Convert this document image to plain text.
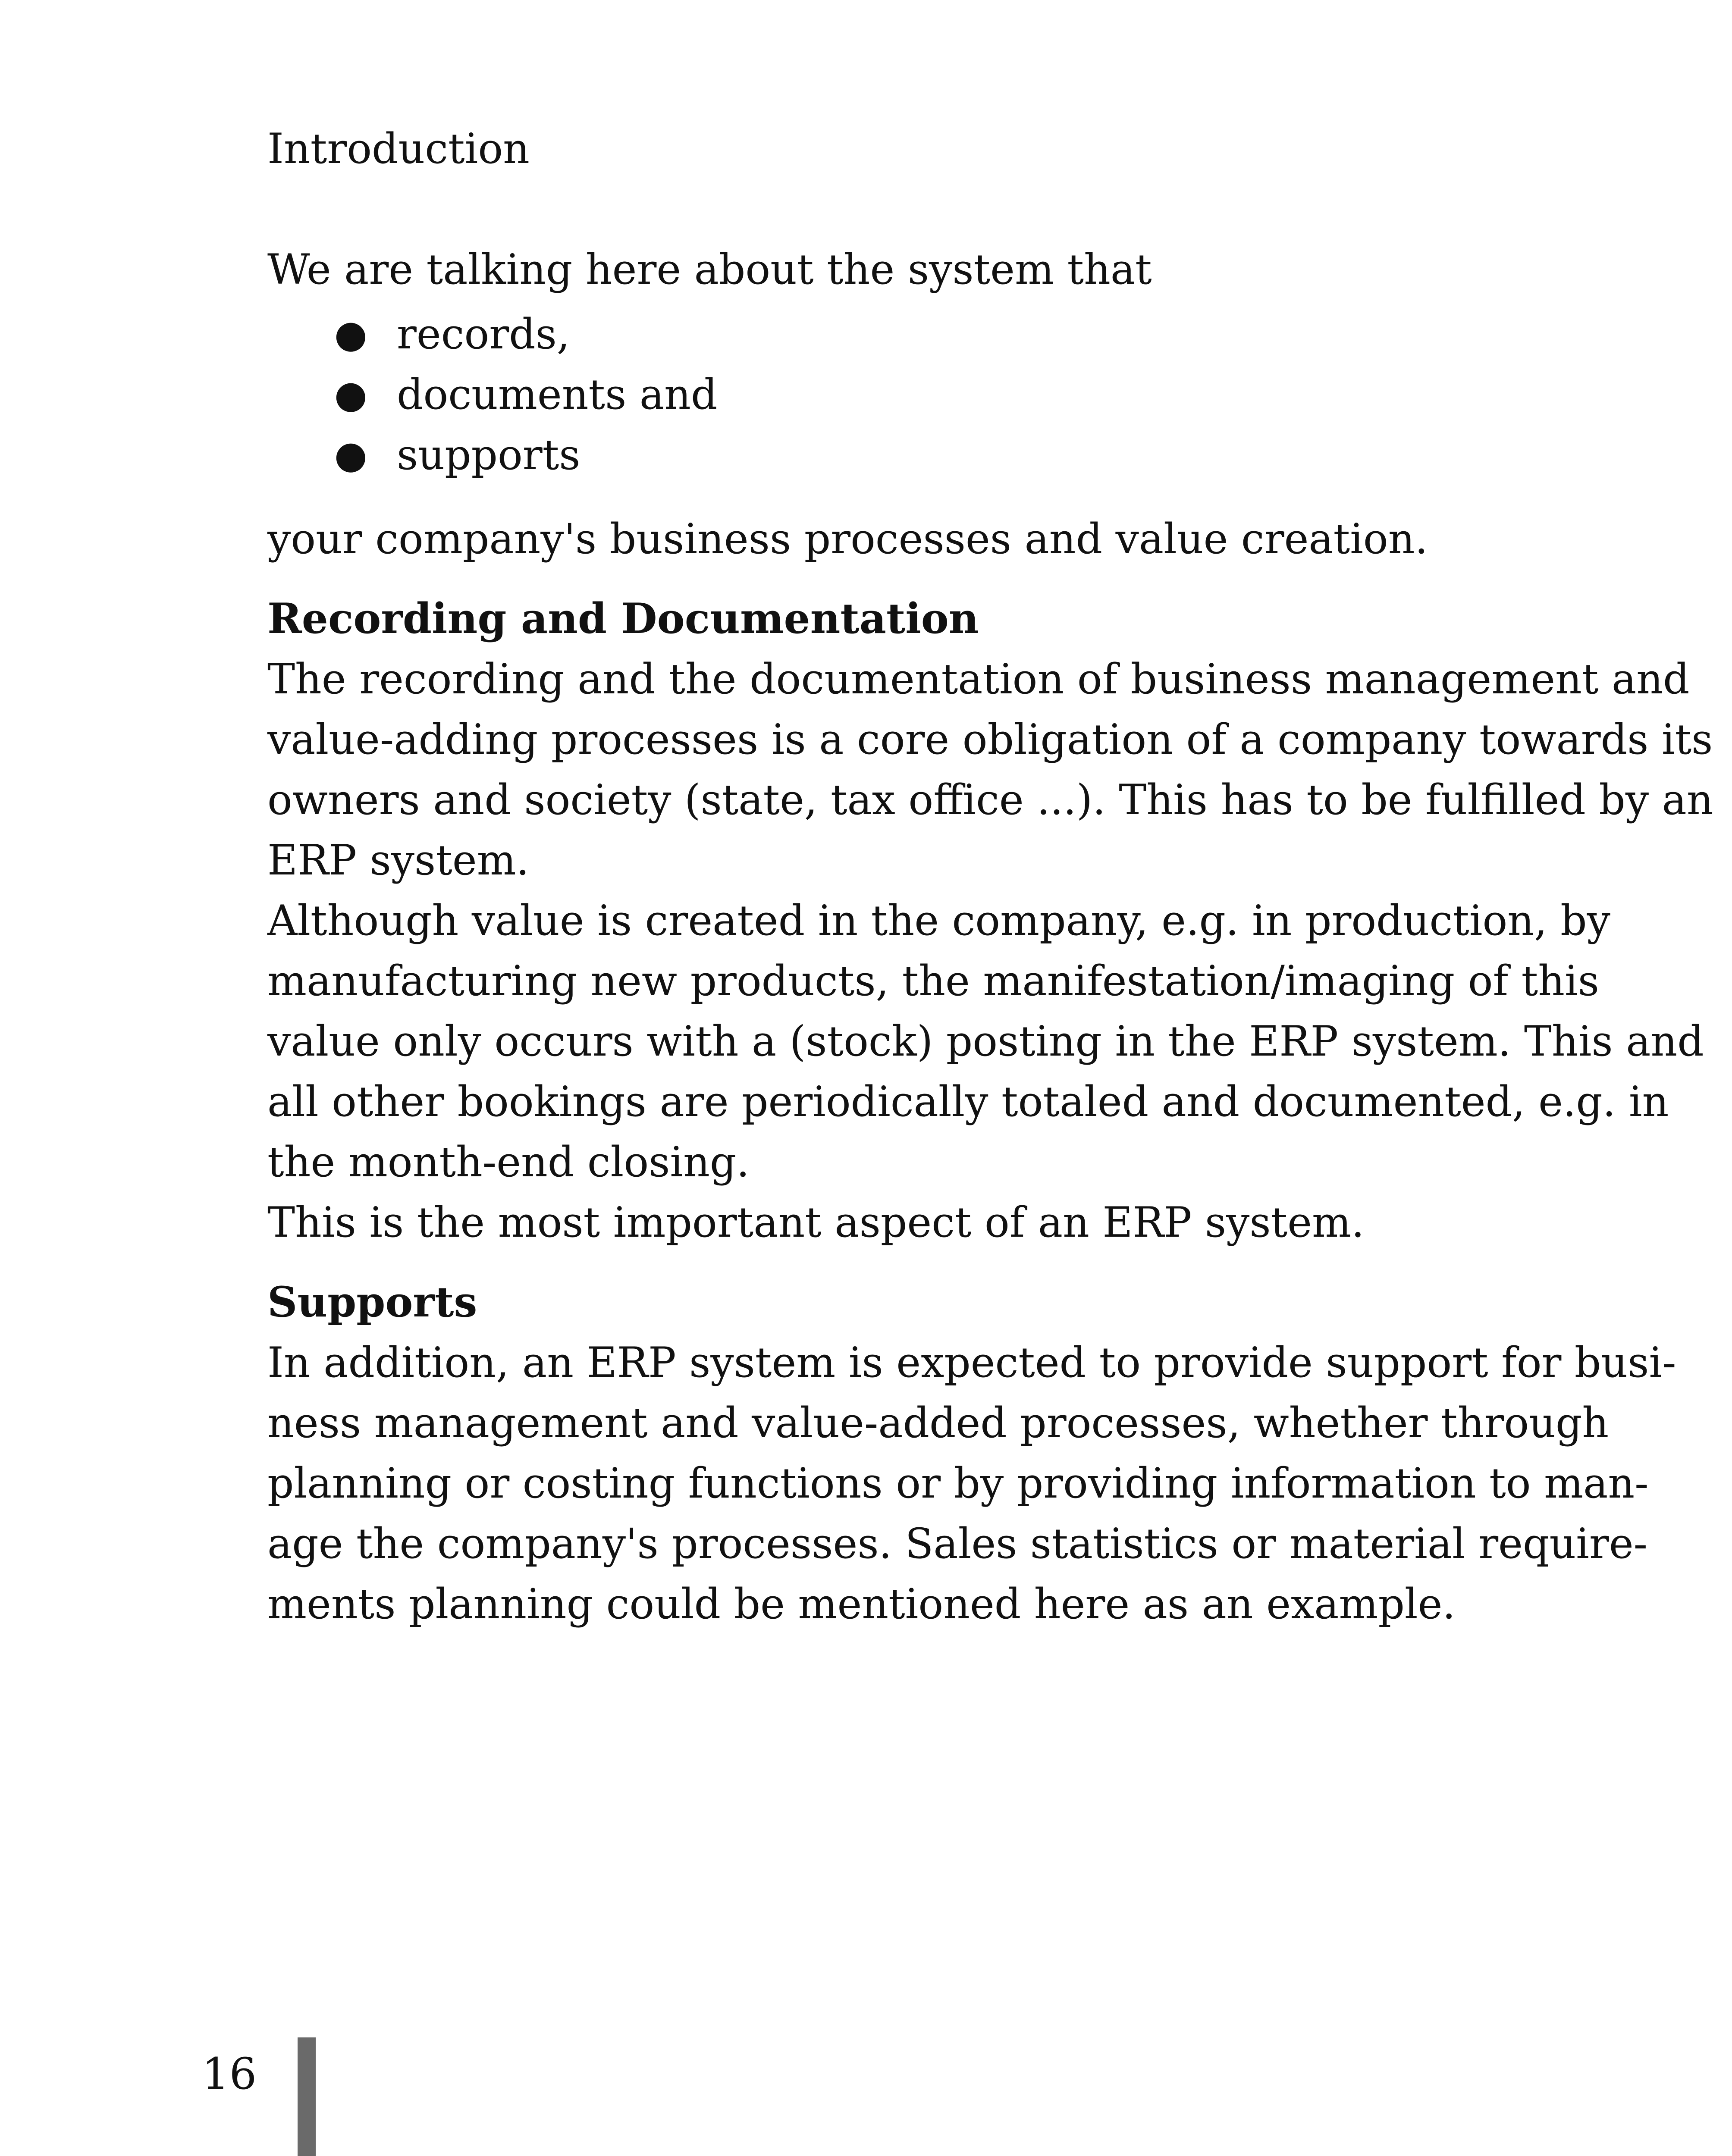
Introduction

We are talking here about the system that

● records,
● documents and
● supports

your company's business processes and value creation.

Recording and Documentation
The recording and the documentation of business management and
value-adding processes is a core obligation of a company towards its
owners and society (state, tax office ...). This has to be fulfilled by an
ERP system.
Although value is created in the company, e.g. in production, by
manufacturing new products, the manifestation/imaging of this
value only occurs with a (stock) posting in the ERP system. This and
all other bookings are periodically totaled and documented, e.g. in
the month-end closing.
This is the most important aspect of an ERP system.
Supports
In addition, an ERP system is expected to provide support for busi-
ness management and value-added processes, whether through
planning or costing functions or by providing information to man-
age the company's processes. Sales statistics or material require-
ments planning could be mentioned here as an example.
16
